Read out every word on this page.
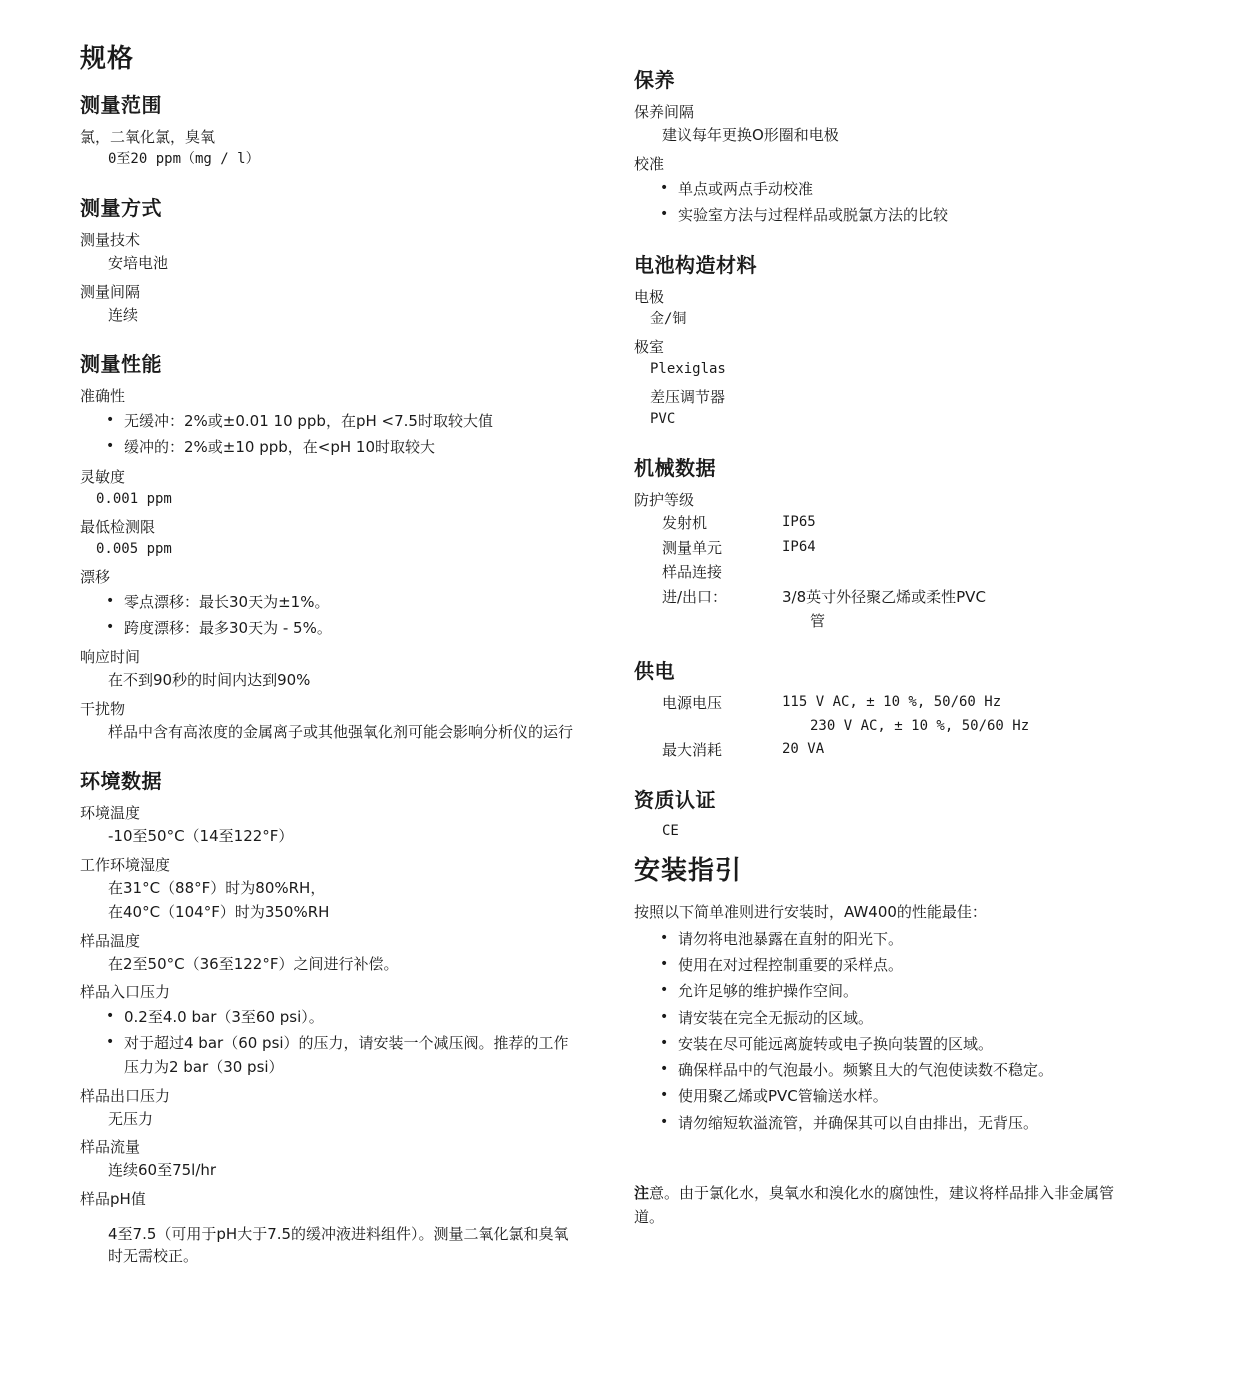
规格
测量范围
氯，二氧化氯，臭氧
0至20 ppm（mg / l）
测量方式
测量技术
安培电池
测量间隔
连续
测量性能
准确性
• 无缓冲：2%或±0.01 10 ppb，在pH <7.5时取较大值
• 缓冲的：2%或±10 ppb，在<pH 10时取较大
灵敏度
0.001 ppm
最低检测限
0.005 ppm
漂移
• 零点漂移：最长30天为±1%。
• 跨度漂移：最多30天为 - 5%。
响应时间
在不到90秒的时间内达到90%
干扰物
样品中含有高浓度的金属离子或其他强氧化剂可能会影响分析仪的运行
环境数据
环境温度
-10至50°C（14至122°F）
工作环境湿度
在31°C（88°F）时为80%RH，
在40°C（104°F）时为350%RH
样品温度
在2至50°C（36至122°F）之间进行补偿。
样品入口压力
• 0.2至4.0 bar（3至60 psi）。
• 对于超过4 bar（60 psi）的压力，请安装一个减压阀。推荐的工作压力为2 bar（30 psi）
样品出口压力
无压力
样品流量
连续60至75l/hr
样品pH值
4至7.5（可用于pH大于7.5的缓冲液进料组件）。测量二氧化氯和臭氧时无需校正。
保养
保养间隔
建议每年更换O形圈和电极
校准
• 单点或两点手动校准
• 实验室方法与过程样品或脱氯方法的比较
电池构造材料
电极
金/铜
极室
Plexiglas
差压调节器
PVC
机械数据
防护等级
发射机	IP65
测量单元	IP64
样品连接
进/出口：	3/8英寸外径聚乙烯或柔性PVC
管
供电
电源电压	115 V AC, ± 10 %, 50/60 Hz
230 V AC, ± 10 %, 50/60 Hz
最大消耗	20 VA
资质认证
CE
安装指引
按照以下简单准则进行安装时，AW400的性能最佳：
• 请勿将电池暴露在直射的阳光下。
• 使用在对过程控制重要的采样点。
• 允许足够的维护操作空间。
• 请安装在完全无振动的区域。
• 安装在尽可能远离旋转或电子换向装置的区域。
• 确保样品中的气泡最小。频繁且大的气泡使读数不稳定。
• 使用聚乙烯或PVC管输送水样。
• 请勿缩短软溢流管，并确保其可以自由排出，无背压。
注意。由于氯化水，臭氧水和溴化水的腐蚀性，建议将样品排入非金属管道。
